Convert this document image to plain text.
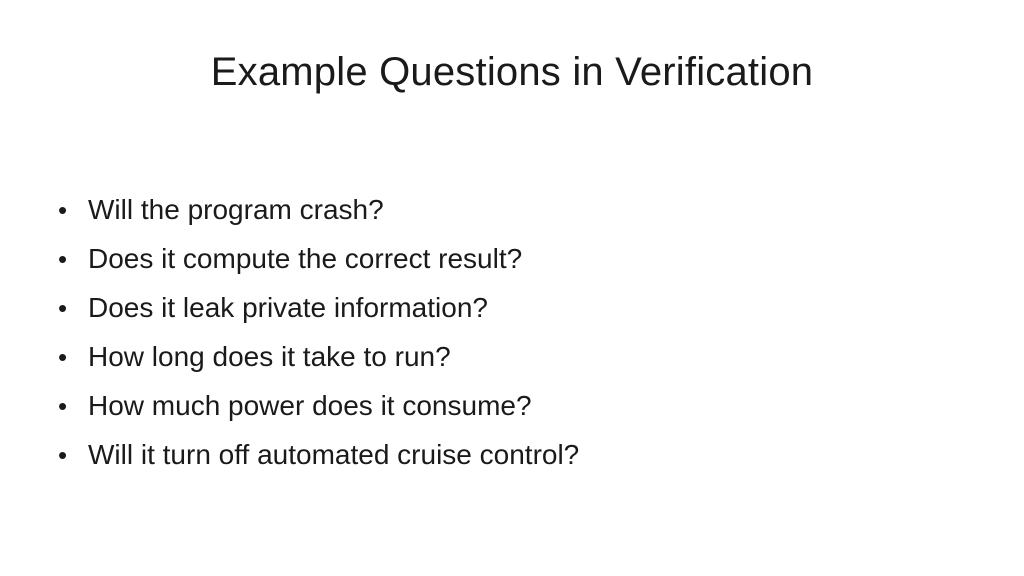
Example Questions in Verification
• Will the program crash?
• Does it compute the correct result?
• Does it leak private information?
• How long does it take to run?
• How much power does it consume?
• Will it turn off automated cruise control?
